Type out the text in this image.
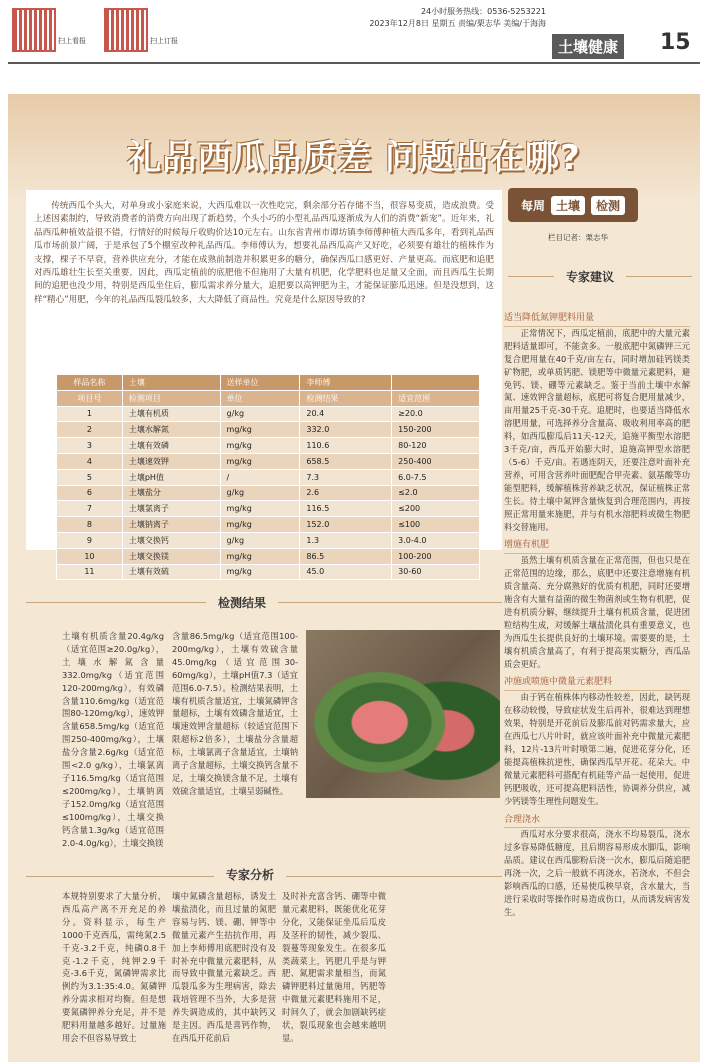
扫上看报	扫上订报
24小时服务热线：0536-5253221
2023年12月8日 星期五 责编/栗志华 美编/于海海
土壤健康 15
礼品西瓜品质差 问题出在哪?
传统西瓜个头大，对单身或小家庭来说，大西瓜难以一次性吃完，剩余部分若存储不当，很容易变质，造成浪费。受上述因素制约，导致消费者的消费方向出现了新趋势，个头小巧的小型礼品西瓜逐渐成为人们的消费“新宠”。近年来，礼品西瓜种植效益很不错，行情好的时候每斤收购价达10元左右。山东省青州市谭坊镇李师傅种植大西瓜多年，看到礼品西瓜市场前景广阔，于是承包了5个棚室改种礼品西瓜。李师傅认为，想要礼品西瓜高产又好吃，必须要有雄壮的植株作为支撑，棵子不早衰，营养供应充分，才能在成熟前制造并积累更多的糖分，确保西瓜口感更好、产量更高。而底肥和追肥对西瓜雄壮生长至关重要，因此，西瓜定植前的底肥他不但施用了大量有机肥，化学肥料也足量又全面，而且西瓜生长期间的追肥也没少用，特别是西瓜坐住后，膨瓜需求养分量大，追肥要以高钾肥为主，才能保证膨瓜迅速。但是没想到，这样“精心”用肥，今年的礼品西瓜裂瓜较多，大大降低了商品性。究竟是什么原因导致的?
样品名称	土壤	送样单位	李师傅	
项目号	检测项目	单位	检测结果	适宜范围
1	土壤有机质	g/kg	20.4	≥20.0
2	土壤水解氮	mg/kg	332.0	150-200
3	土壤有效磷	mg/kg	110.6	80-120
4	土壤速效钾	mg/kg	658.5	250-400
5	土壤pH值	/	7.3	6.0-7.5
6	土壤盐分	g/kg	2.6	≤2.0
7	土壤氯离子	mg/kg	116.5	≤200
8	土壤钠离子	mg/kg	152.0	≤100
9	土壤交换钙	g/kg	1.3	3.0-4.0
10	土壤交换镁	mg/kg	86.5	100-200
11	土壤有效硫	mg/kg	45.0	30-60
检测结果
土壤有机质含量20.4g/kg（适宜范围≥20.0g/kg），土壤水解氮含量332.0mg/kg（适宜范围120-200mg/kg），有效磷含量110.6mg/kg（适宜范围80-120mg/kg），速效钾含量658.5mg/kg（适宜范围250-400mg/kg），土壤盐分含量2.6g/kg（适宜范围<2.0 g/kg），土壤氯离子116.5mg/kg（适宜范围≤200mg/kg），土壤钠离子152.0mg/kg（适宜范围≤100mg/kg），土壤交换钙含量1.3g/kg（适宜范围2.0-4.0g/kg），土壤交换镁
含量86.5mg/kg（适宜范围100-200mg/kg），土壤有效硫含量45.0mg/kg（适宜范围30-60mg/kg），土壤pH值7.3（适宜范围6.0-7.5）。检测结果表明，土壤有机质含量适宜，土壤氮磷钾含量超标，土壤有效磷含量适宜，土壤速效钾含量超标（较适宜范围下限超标2倍多），土壤盐分含量超标，土壤氯离子含量适宜，土壤钠离子含量超标，土壤交换钙含量不足，土壤交换镁含量不足，土壤有效硫含量适宜，土壤呈弱碱性。
专家分析
本规特别要求了大量分析，西瓜高产离不开充足的养分。资料显示，每生产1000千克西瓜，需纯氮2.5千克-3.2千克，纯磷0.8千克-1.2千克，纯钾2.9千克-3.6千克，氮磷钾需求比例约为3.1:35:4.0。氮磷钾养分需求相对均衡。但是想要氮磷钾养分充足，并不是肥料用量越多越好。过量施用会不但容易导致土
壤中氮磷含量超标，诱发土壤盐渍化，而且过量的氮肥容易与钙、镁、硼、钾等中微量元素产生拮抗作用，再加上李师傅用底肥时没有及时补充中微量元素肥料，从而导致中微量元素缺乏。西瓜裂瓜多为生理病害，除去栽培管理不当外，大多是营养失调造成的，其中缺钙又是主因。西瓜是喜钙作物，在西瓜开花前后
及时补充富含钙、硼等中微量元素肥料，既能优化花芽分化，又能保证坐瓜后瓜皮及茎秆的韧性，减少裂瓜、裂蔓等现象发生。在很多瓜类蔬菜上，钙肥几乎是与钾肥、氮肥需求量相当，而氮磷钾肥料过量施用，钙肥等中微量元素肥料施用不足，时间久了，就会加剧缺钙症状，裂瓜现象也会越来越明显。
每周 土壤	检测
栏目记者：栗志华
专家建议
适当降低氮钾肥料用量

正常情况下，西瓜定植前，底肥中的大量元素肥料适量即可，不能贪多。一般底肥中氮磷钾三元复合肥用量在40千克/亩左右，同时增加硅钙镁类矿物肥，或单质钙肥、镁肥等中微量元素肥料，避免钙、镁、硼等元素缺乏。鉴于当前土壤中水解氮、速效钾含量超标，底肥可将复合肥用量减少，亩用量25千克-30千克。追肥时，也要适当降低水溶肥用量，可选择养分含量高、吸收利用率高的肥料，如西瓜膨瓜后11天-12天，追施平衡型水溶肥3千克/亩，西瓜开始膨大时，追施高钾型水溶肥（5-6）千克/亩。若遇连阴天，还要注意叶面补充营养，可用含营养叶面肥配合甲壳素、氨基酸等功能型肥料，缓解植株营养缺乏状况，保证植株正常生长。待土壤中氮钾含量恢复到合理范围内，再按照正常用量来施肥，并与有机水溶肥料或微生物肥料交替施用。

增施有机肥

虽然土壤有机质含量在正常范围，但也只是在正常范围的边缘，那么，底肥中还要注意增施有机质含量高、充分腐熟好的优质有机肥，同时还要增施含有大量有益菌的微生物菌剂或生物有机肥，促进有机质分解，继续提升土壤有机质含量，促进团粒结构生成，对缓解土壤盐渍化具有重要意义，也为西瓜生长提供良好的土壤环境。需要要的是，土壤有机质含量高了，有利于提高果实糖分，西瓜品质会更好。

冲施或喷施中微量元素肥料

由于钙在植株体内移动性较差，因此，缺钙现在移动较慢，导致症状发生后再补，很难达到理想效果，特别是开花前后及膨瓜前对钙需求量大，应在西瓜七八片叶时，就应该叶面补充中微量元素肥料，12片-13片叶时喷第二遍，促进花芽分化，还能提高植株抗逆性，确保西瓜早开花、花朵大。中微量元素肥料可搭配有机硅等产品一起使用，促进钙肥吸收，还可提高肥料活性，协调养分供应，减少钙镁等生理性问题发生。

合理浇水

西瓜对水分要求很高，浇水不均易裂瓜，浇水过多容易降低糖度，且后期容易形成水脚瓜，影响品质。建议在西瓜膨粉后浇一次水，膨瓜后随追肥再浇一次，之后一般就不再浇水，若浇水，不但会影响西瓜的口感，还易使瓜秧早衰，含水量大，当进行采收时等操作时易造成伤口，从而诱发病害发生。
